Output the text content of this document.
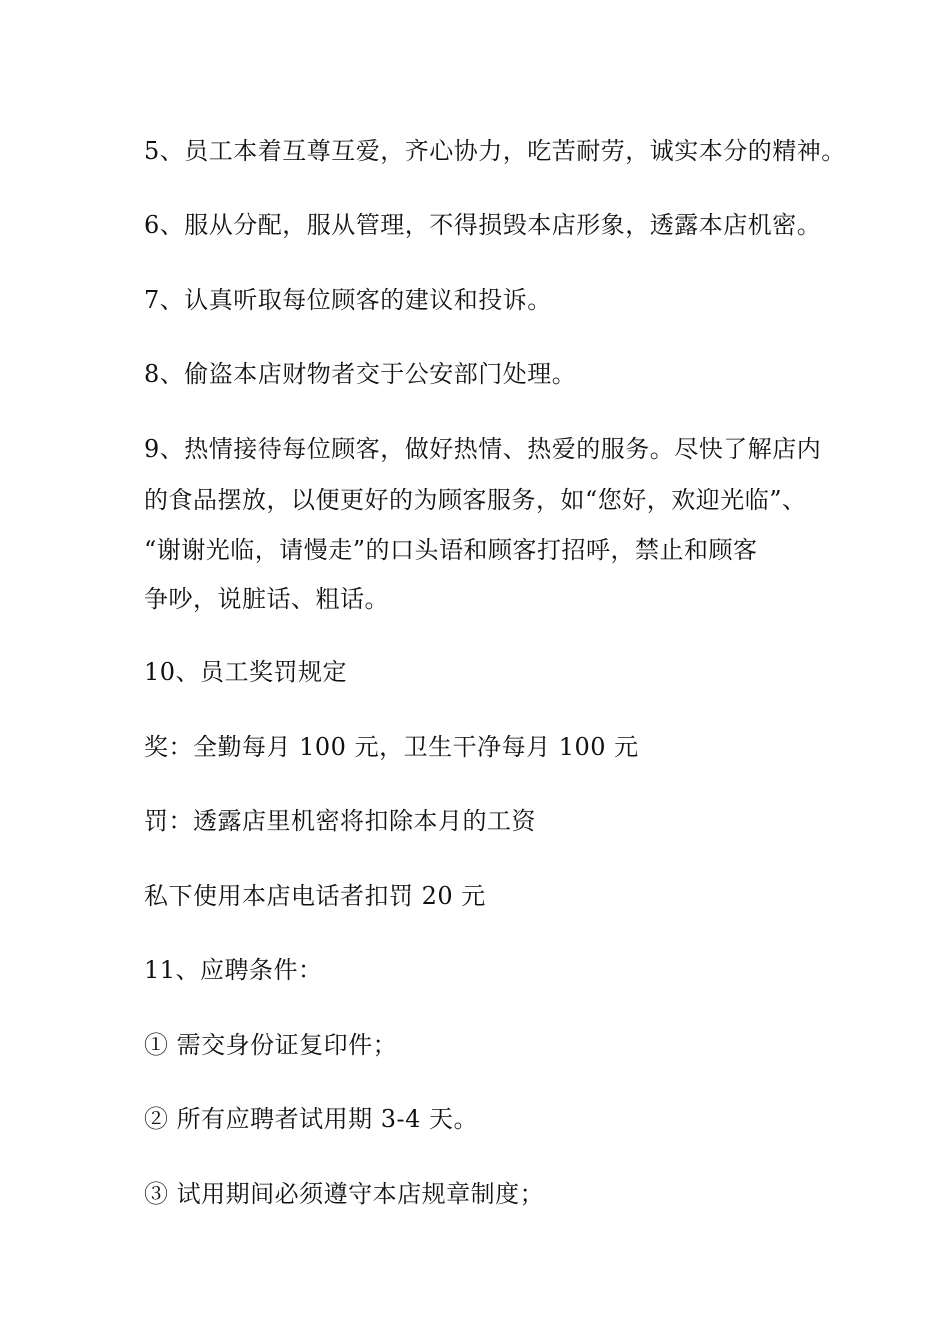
5、员工本着互尊互爱，齐心协力，吃苦耐劳，诚实本分的精神。
6、服从分配，服从管理，不得损毁本店形象，透露本店机密。
7、认真听取每位顾客的建议和投诉。
8、偷盗本店财物者交于公安部门处理。
9、热情接待每位顾客，做好热情、热爱的服务。尽快了解店内
的食品摆放，以便更好的为顾客服务，如“您好，欢迎光临”、
“谢谢光临，请慢走”的口头语和顾客打招呼，禁止和顾客
争吵，说脏话、粗话。
10、员工奖罚规定
奖：全勤每月 100 元，卫生干净每月 100 元
罚：透露店里机密将扣除本月的工资
私下使用本店电话者扣罚 20 元
11、应聘条件：
① 需交身份证复印件；
② 所有应聘者试用期 3-4 天。
③ 试用期间必须遵守本店规章制度；
